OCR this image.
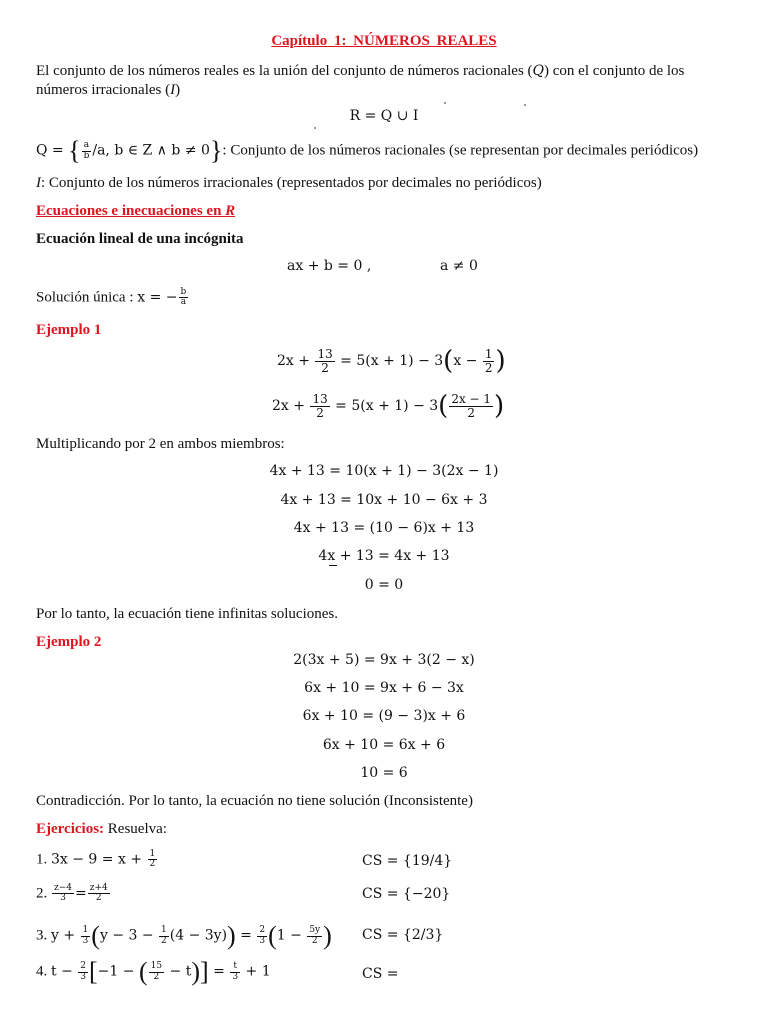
Capítulo 1: NÚMEROS REALES
El conjunto de los números reales es la unión del conjunto de números racionales (Q) con el conjunto de los
números irracionales (I)
R = Q ∪ I
Q = { $\frac{a}{b} /a$, b ∈ Z ∧ b ≠ 0}: Conjunto de los números racionales (se representan por decimales periódicos)
I: Conjunto de los números irracionales (representados por decimales no periódicos)
Ecuaciones e inecuaciones en R
Ecuación lineal de una incógnita
ax + b = 0 ,	a ≠ 0
Solución única : x = − $\frac{b}{a}$
Ejemplo 1
$2x + \frac{13}{2} = 5(x + 1) - 3(x - \frac{1}{2}$ )
$2x + \frac{13}{2} = 5(x + 1) - 3( \frac{2x - 1}{2}$ )
Multiplicando por 2 en ambos miembros:
4x + 13 = 10(x + 1) − 3(2x − 1)
4x + 13 = 10x + 10 − 6x + 3
4x + 13 = (10 − 6)x + 13
4x + 13 = 4x + 13
0 = 0
Por lo tanto, la ecuación tiene infinitas soluciones.
Ejemplo 2
2(3x + 5) = 9x + 3(2 − x)
6x + 10 = 9x + 6 − 3x
6x + 10 = (9 − 3)x + 6
6x + 10 = 6x + 6
10 = 6
Contradicción. Por lo tanto, la ecuación no tiene solución (Inconsistente)
Ejercicios: Resuelva:
1. $3x - 9 = x + \frac{1}{2}$	CS = {19/4}
2. $\frac{z-4}{3} = \frac{z+4}{2}$	CS = {−20}
3. $y + \frac{1}{3} (y - 3 - \frac{1}{2} (4 - 3y)) = \frac{2}{3} (1 - \frac{5y}{2}$ ) CS = {2/3}
4. $t - \frac{2}{3} [-1$ − ( $\frac{15}{2} - t)] = \frac{t}{3} + 1$	CS =
